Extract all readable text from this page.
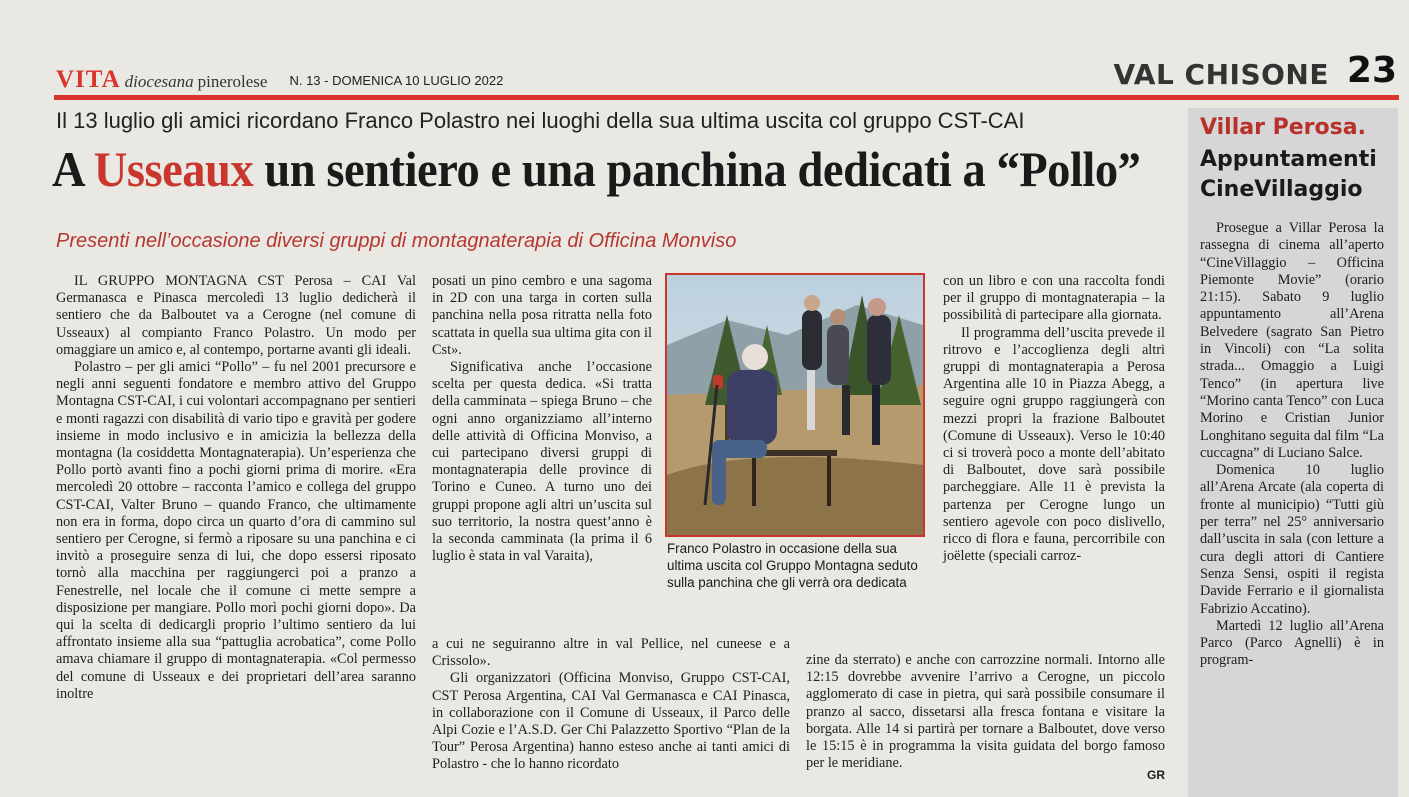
VITA diocesana pinerolese N. 13 - DOMENICA 10 LUGLIO 2022	VAL CHISONE 23
Il 13 luglio gli amici ricordano Franco Polastro nei luoghi della sua ultima uscita col gruppo CST-CAI
A Usseaux un sentiero e una panchina dedicati a “Pollo”
Presenti nell’occasione diversi gruppi di montagnaterapia di Officina Monviso

IL GRUPPO MONTAGNA CST Perosa – CAI Val Germanasca e Pinasca mercoledì 13 luglio dedicherà il sentiero che da Balboutet va a Cerogne (nel comune di Usseaux) al compianto Franco Polastro. Un modo per omaggiare un amico e, al contempo, portarne avanti gli ideali.

Polastro – per gli amici “Pollo” – fu nel 2001 precursore e negli anni seguenti fondatore e membro attivo del Gruppo Montagna CST-CAI, i cui volontari accompagnano per sentieri e monti ragazzi con disabilità di vario tipo e gravità per godere insieme in modo inclusivo e in amicizia la bellezza della montagna (la cosiddetta Montagnaterapia). Un’esperienza che Pollo portò avanti fino a pochi giorni prima di morire. «Era mercoledì 20 ottobre – racconta l’amico e collega del gruppo CST-CAI, Valter Bruno – quando Franco, che ultimamente non era in forma, dopo circa un quarto d’ora di cammino sul sentiero per Cerogne, si fermò a riposare su una panchina e ci invitò a proseguire senza di lui, che dopo essersi riposato tornò alla macchina per raggiungerci poi a pranzo a Fenestrelle, nel locale che il comune ci mette sempre a disposizione per mangiare. Pollo morì pochi giorni dopo». Da qui la scelta di dedicargli proprio l’ultimo sentiero da lui affrontato insieme alla sua “pattuglia acrobatica”, come Pollo amava chiamare il gruppo di montagnaterapia. «Col permesso del comune di Usseaux e dei proprietari dell’area saranno inoltre

posati un pino cembro e una sagoma in 2D con una targa in corten sulla panchina nella posa ritratta nella foto scattata in quella sua ultima gita con il Cst».

Significativa anche l’occasione scelta per questa dedica. «Si tratta della camminata – spiega Bruno – che ogni anno organizziamo all’interno delle attività di Officina Monviso, a cui partecipano diversi gruppi di montagnaterapia delle province di Torino e Cuneo. A turno uno dei gruppi propone agli altri un’uscita sul suo territorio, la nostra quest’anno è la seconda camminata (la prima il 6 luglio è stata in val Varaita),

a cui ne seguiranno altre in val Pellice, nel cuneese e a Crissolo».

Gli organizzatori (Officina Monviso, Gruppo CST-CAI, CST Perosa Argentina, CAI Val Germanasca e CAI Pinasca, in collaborazione con il Comune di Usseaux, il Parco delle Alpi Cozie e l’A.S.D. Ger Chi Palazzetto Sportivo “Plan de la Tour” Perosa Argentina) hanno esteso anche ai tanti amici di Polastro - che lo hanno ricordato

con un libro e con una raccolta fondi per il gruppo di montagnaterapia – la possibilità di partecipare alla giornata.

Il programma dell’uscita prevede il ritrovo e l’accoglienza degli altri gruppi di montagnaterapia a Perosa Argentina alle 10 in Piazza Abegg, a seguire ogni gruppo raggiungerà con mezzi propri la frazione Balboutet (Comune di Usseaux). Verso le 10:40 ci si troverà poco a monte dell’abitato di Balboutet, dove sarà possibile parcheggiare. Alle 11 è prevista la partenza per Cerogne lungo un sentiero agevole con poco dislivello, ricco di flora e fauna, percorribile con joëlette (speciali carroz-

zine da sterrato) e anche con carrozzine normali. Intorno alle 12:15 dovrebbe avvenire l’arrivo a Cerogne, un piccolo agglomerato di case in pietra, qui sarà possibile consumare il pranzo al sacco, dissetarsi alla fresca fontana e visitare la borgata. Alle 14 si partirà per tornare a Balboutet, dove verso le 15:15 è in programma la visita guidata del borgo famoso per le meridiane.

Franco Polastro in occasione della sua ultima uscita col Gruppo Montagna seduto sulla panchina che gli verrà ora dedicata
GR
Villar Perosa.
Appuntamenti CineVillaggio

Prosegue a Villar Perosa la rassegna di cinema all’aperto “CineVillaggio – Officina Piemonte Movie” (orario 21:15). Sabato 9 luglio appuntamento all’Arena Belvedere (sagrato San Pietro in Vincoli) con “La solita strada... Omaggio a Luigi Tenco” (in apertura live “Morino canta Tenco” con Luca Morino e Cristian Junior Longhitano seguita dal film “La cuccagna” di Luciano Salce.

Domenica 10 luglio all’Arena Arcate (ala coperta di fronte al municipio) “Tutti giù per terra” nel 25° anniversario dall’uscita in sala (con letture a cura degli attori di Cantiere Senza Sensi, ospiti il regista Davide Ferrario e il giornalista Fabrizio Accatino).

Martedì 12 luglio all’Arena Parco (Parco Agnelli) è in program-
